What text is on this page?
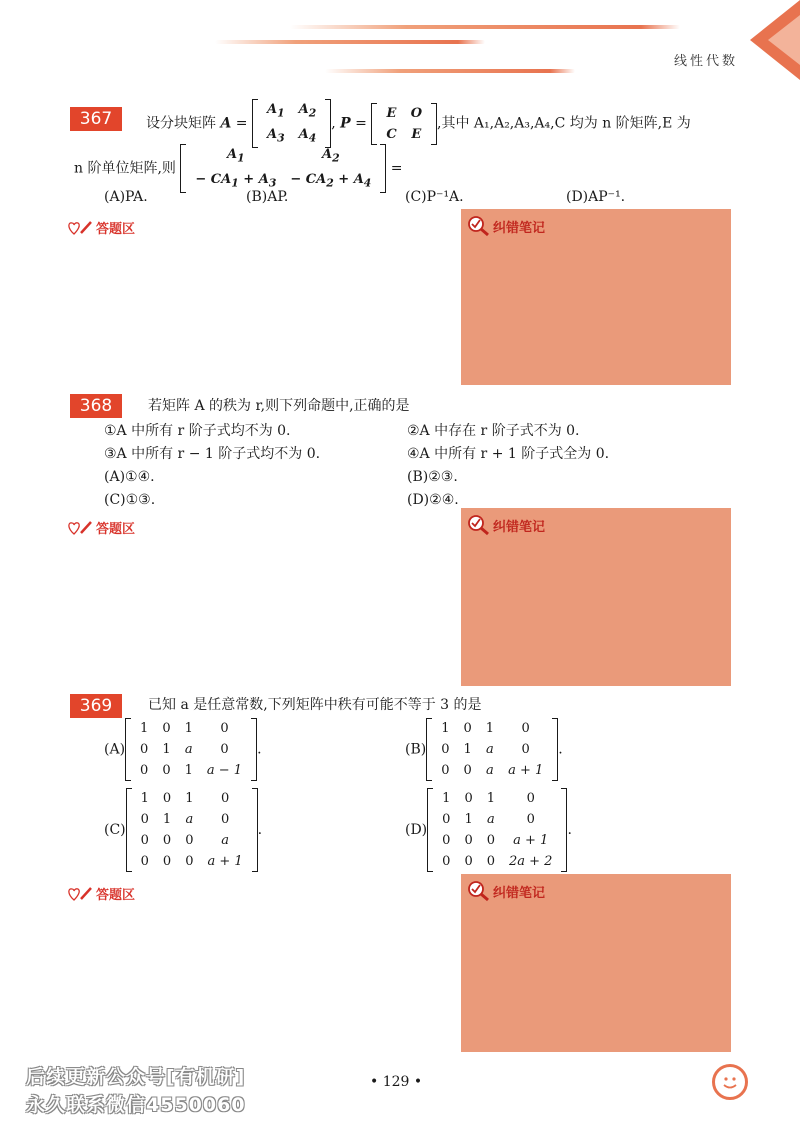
线性代数
367	设分块矩阵 A =
$A_1$	$A_2$
$A_3$	$A_4$
, P =
E	O
C	E
,其中 A₁,A₂,A₃,A₄,C 均为 n 阶矩阵,E 为
n 阶单位矩阵,则
$A_1$	$A_2$
− $CA_1 + A_3$	− $CA_2 + A_4$
=
(A)PA.	(B)AP.	(C)P⁻¹A.	(D)AP⁻¹.
答题区	纠错笔记
368	若矩阵 A 的秩为 r,则下列命题中,正确的是
①A 中所有 r 阶子式均不为 0.	②A 中存在 r 阶子式不为 0.
③A 中所有 r − 1 阶子式均不为 0.	④A 中所有 r + 1 阶子式全为 0.
(A)①④.	(B)②③.
(C)①③.	(D)②④.
答题区	纠错笔记
369	已知 a 是任意常数,下列矩阵中秩有可能不等于 3 的是
(A)
1	0	1	0
0	1	a	0
0	0	1	a − 1
.	(B)
1	0	1	0
0	1	a	0
0	0	a	a + 1
.
(C)
1	0	1	0
0	1	a	0
0	0	0	a
0	0	0	a + 1
.	(D)
1	0	1	0
0	1	a	0
0	0	0	a + 1
0	0	0	2a + 2
.
答题区	纠错笔记
• 129 •
后续更新公众号[有机研]
永久联系微信4550060
